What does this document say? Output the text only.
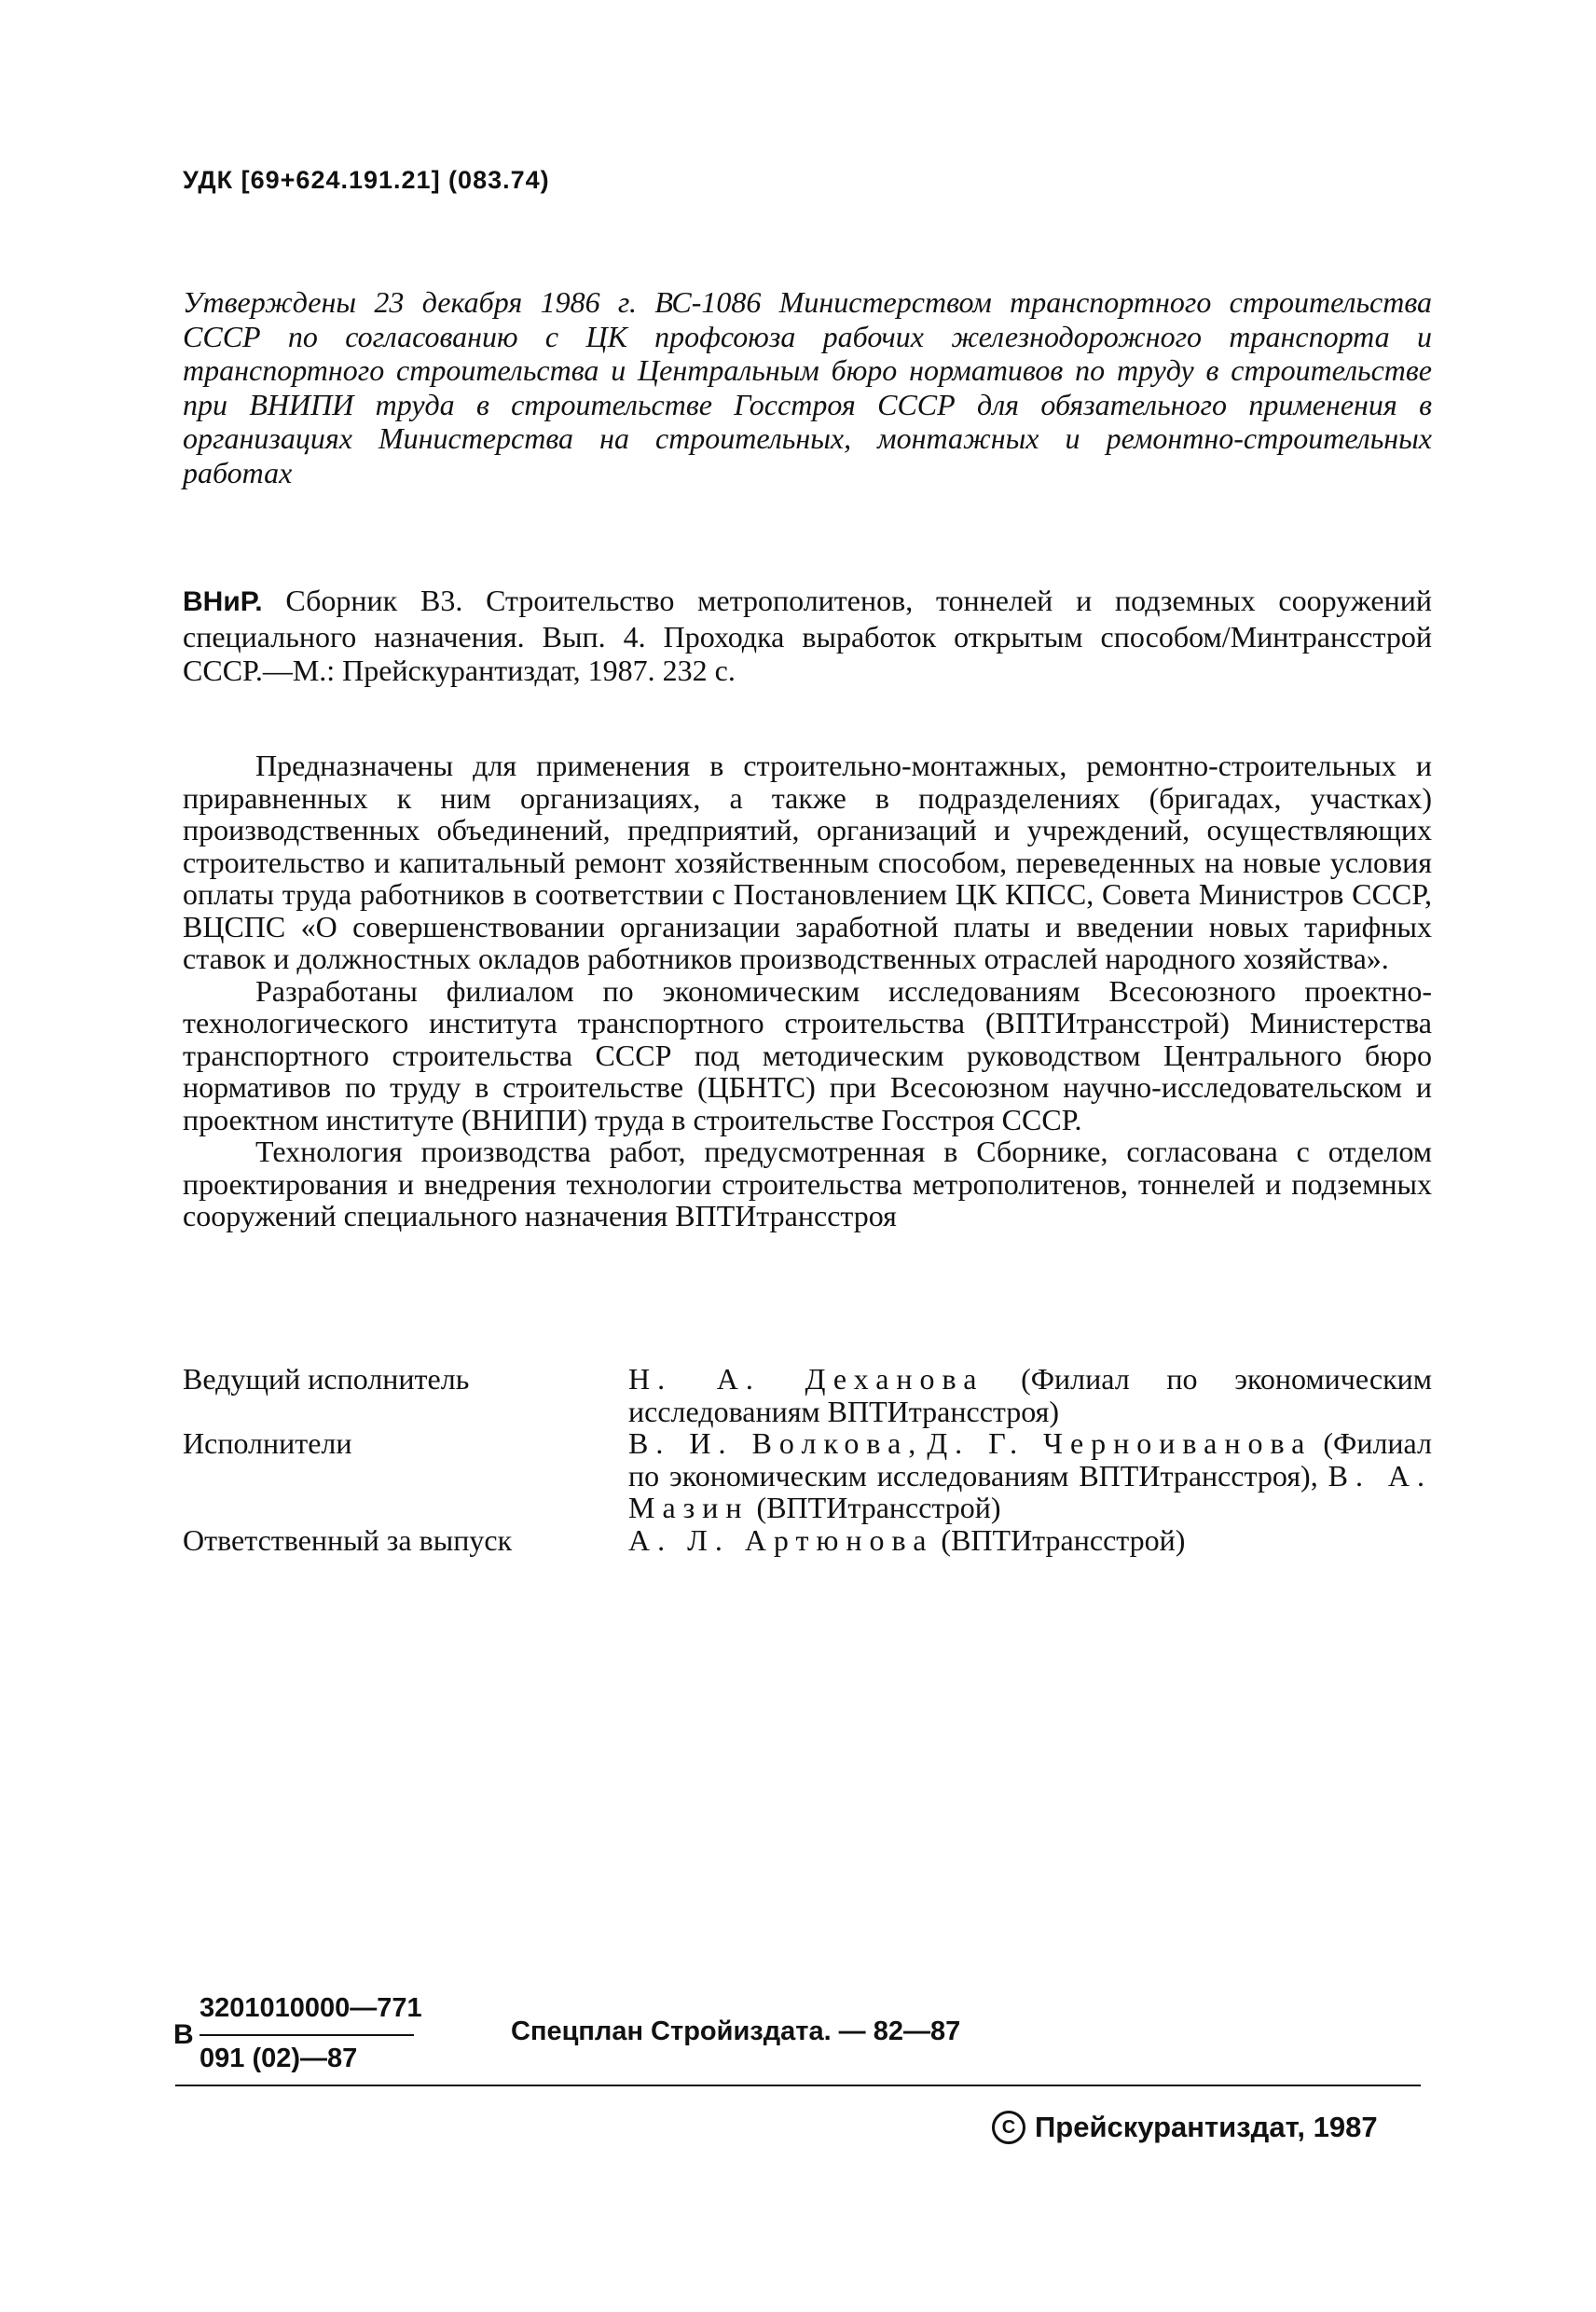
УДК [69+624.191.21] (083.74)
Утверждены 23 декабря 1986 г. ВС-1086 Министерством транспортного строительства СССР по согласованию с ЦК профсоюза рабочих железнодорожного транспорта и транспортного строительства и Центральным бюро нормативов по труду в строительстве при ВНИПИ труда в строительстве Госстроя СССР для обязательного применения в организациях Министерства на строительных, монтажных и ремонтно-строительных работах
ВНиР. Сборник В3. Строительство метрополитенов, тоннелей и подземных сооружений специального назначения. Вып. 4. Проходка выработок открытым способом/Минтрансстрой СССР.—М.: Прейскурантиздат, 1987. 232 с.

Предназначены для применения в строительно-монтажных, ремонтно-строительных и приравненных к ним организациях, а также в подразделениях (бригадах, участках) производственных объединений, предприятий, организаций и учреждений, осуществляющих строительство и капитальный ремонт хозяйственным способом, переведенных на новые условия оплаты труда работников в соответствии с Постановлением ЦК КПСС, Совета Министров СССР, ВЦСПС «О совершенствовании организации заработной платы и введении новых тарифных ставок и должностных окладов работников производственных отраслей народного хозяйства».

Разработаны филиалом по экономическим исследованиям Всесоюзного проектно-технологического института транспортного строительства (ВПТИтрансстрой) Министерства транспортного строительства СССР под методическим руководством Центрального бюро нормативов по труду в строительстве (ЦБНТС) при Всесоюзном научно-исследовательском и проектном институте (ВНИПИ) труда в строительстве Госстроя СССР.

Технология производства работ, предусмотренная в Сборнике, согласована с отделом проектирования и внедрения технологии строительства метрополитенов, тоннелей и подземных сооружений специального назначения ВПТИтрансстроя

Ведущий исполнитель	Н. А. Деханова (Филиал по экономическим исследованиям ВПТИтрансстроя)
Исполнители	В. И. Волкова, Д. Г. Черноиванова (Филиал по экономическим исследованиям ВПТИтрансстроя), В. А. Мазин (ВПТИтрансстрой)
Ответственный за выпуск	А. Л. Артюнова (ВПТИтрансстрой)
В
3201010000—771
091 (02)—87
Спецплан Стройиздата. — 82—87
C Прейскурантиздат, 1987
